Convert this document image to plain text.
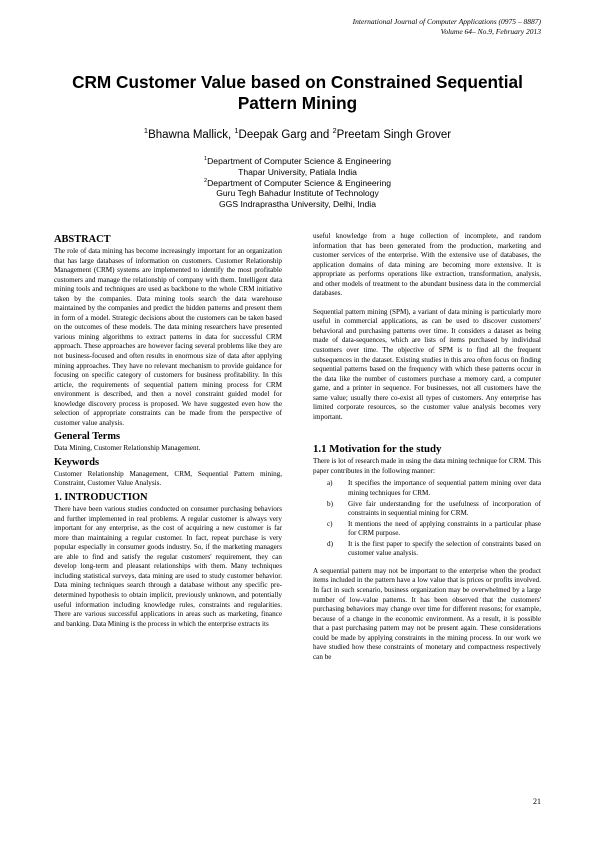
International Journal of Computer Applications (0975 – 8887)
Volume 64– No.9, February 2013
CRM Customer Value based on Constrained Sequential
Pattern Mining
$^1$Bhawna Mallick, $^1$Deepak Garg and $^2$Preetam Singh Grover
$^1$Department of Computer Science & Engineering
Thapar University, Patiala India
$^2$Department of Computer Science & Engineering
Guru Tegh Bahadur Institute of Technology
GGS Indraprastha University, Delhi, India
ABSTRACT

The role of data mining has become increasingly important for an organization that has large databases of information on customers. Customer Relationship Management (CRM) systems are implemented to identify the most profitable customers and manage the relationship of company with them. Intelligent data mining tools and techniques are used as backbone to the whole CRM initiative taken by the companies. Data mining tools search the data warehouse maintained by the companies and predict the hidden patterns and present them in form of a model. Strategic decisions about the customers can be taken based on the outcomes of these models. The data mining researchers have presented various mining algorithms to extract patterns in data for successful CRM approach. These approaches are however facing several problems like they are not business-focused and often results in enormous size of data after applying mining approaches. They have no relevant mechanism to provide guidance for focusing on specific category of customers for business profitability. In this article, the requirements of sequential pattern mining process for CRM environment is described, and then a novel constraint guided model for knowledge discovery process is proposed. We have suggested even how the selection of appropriate constraints can be made from the perspective of customer value analysis.

General Terms

Data Mining, Customer Relationship Management.

Keywords

Customer Relationship Management, CRM, Sequential Pattern mining, Constraint, Customer Value Analysis.

1. INTRODUCTION

There have been various studies conducted on consumer purchasing behaviors and further implemented in real problems. A regular customer is always very important for any enterprise, as the cost of acquiring a new customer is far more than maintaining a regular customer. In fact, repeat purchase is very popular especially in consumer goods industry. So, if the marketing managers are able to find and satisfy the regular customers' requirement, they can develop long-term and pleasant relationships with them. Many techniques including statistical surveys, data mining are used to study customer behavior. Data mining techniques search through a database without any specific pre-determined hypothesis to obtain implicit, previously unknown, and potentially useful information including knowledge rules, constraints and regularities. There are various successful applications in areas such as marketing, finance and banking. Data Mining is the process in which the enterprise extracts its

useful knowledge from a huge collection of incomplete, and random information that has been generated from the production, marketing and customer services of the enterprise. With the extensive use of databases, the application domains of data mining are becoming more extensive. It is appropriate as performs operations like extraction, transformation, analysis, and other models of treatment to the abundant business data in the commercial databases.

Sequential pattern mining (SPM), a variant of data mining is particularly more useful in commercial applications, as can be used to discover customers' behavioral and purchasing patterns over time. It considers a dataset as being made of data-sequences, which are lists of items purchased by individual customers over time. The objective of SPM is to find all the frequent subsequences in the dataset. Existing studies in this area often focus on finding sequential patterns based on the frequency with which these patterns occur in the data like the number of customers purchase a memory card, a computer game, and a printer in sequence. For businesses, not all customers have the same value; usually there co-exist all types of customers. Any enterprise has limited corporate resources, so the customer value analysis becomes very important.

1.1 Motivation for the study

There is lot of research made in using the data mining technique for CRM. This paper contributes in the following manner:

a)	It specifies the importance of sequential pattern mining over data mining techniques for CRM.
b)	Give fair understanding for the usefulness of incorporation of constraints in sequential mining for CRM.
c)	It mentions the need of applying constraints in a particular phase for CRM purpose.
d)	It is the first paper to specify the selection of constraints based on customer value analysis.

A sequential pattern may not be important to the enterprise when the product items included in the pattern have a low value that is prices or profits involved. In fact in such scenario, business organization may be overwhelmed by a large number of low-value patterns. It has been observed that the customers' purchasing behaviors may change over time for different reasons; for example, because of a change in the economic environment. As a result, it is possible that a past purchasing pattern may not be present again. These considerations could be made by applying constraints in the mining process. In our work we have studied how these constraints of monetary and compactness respectively can be

21
